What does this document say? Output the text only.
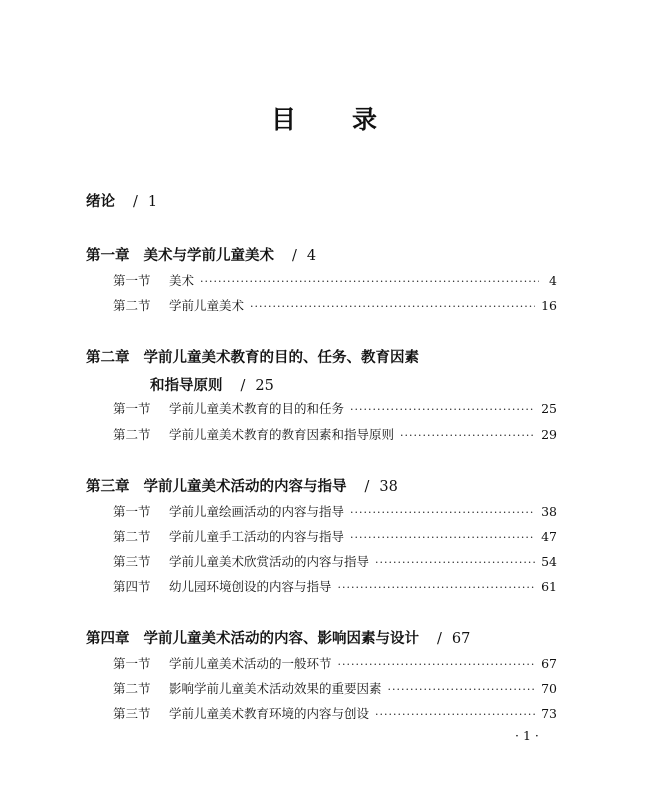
目 录
绪论 / 1
第一章 美术与学前儿童美术 / 4
第一节	美术 ·····	4
第二节	学前儿童美术 ·····	16
第二章 学前儿童美术教育的目的、任务、教育因素
和指导原则 / 25
第一节	学前儿童美术教育的目的和任务 ·····	25
第二节	学前儿童美术教育的教育因素和指导原则 ·····	29
第三章 学前儿童美术活动的内容与指导 / 38
第一节	学前儿童绘画活动的内容与指导 ·····	38
第二节	学前儿童手工活动的内容与指导 ·····	47
第三节	学前儿童美术欣赏活动的内容与指导 ·····	54
第四节	幼儿园环境创设的内容与指导 ·····	61
第四章 学前儿童美术活动的内容、影响因素与设计 / 67
第一节	学前儿童美术活动的一般环节 ·····	67
第二节	影响学前儿童美术活动效果的重要因素 ·····	70
第三节	学前儿童美术教育环境的内容与创设 ·····	73
· 1 ·
